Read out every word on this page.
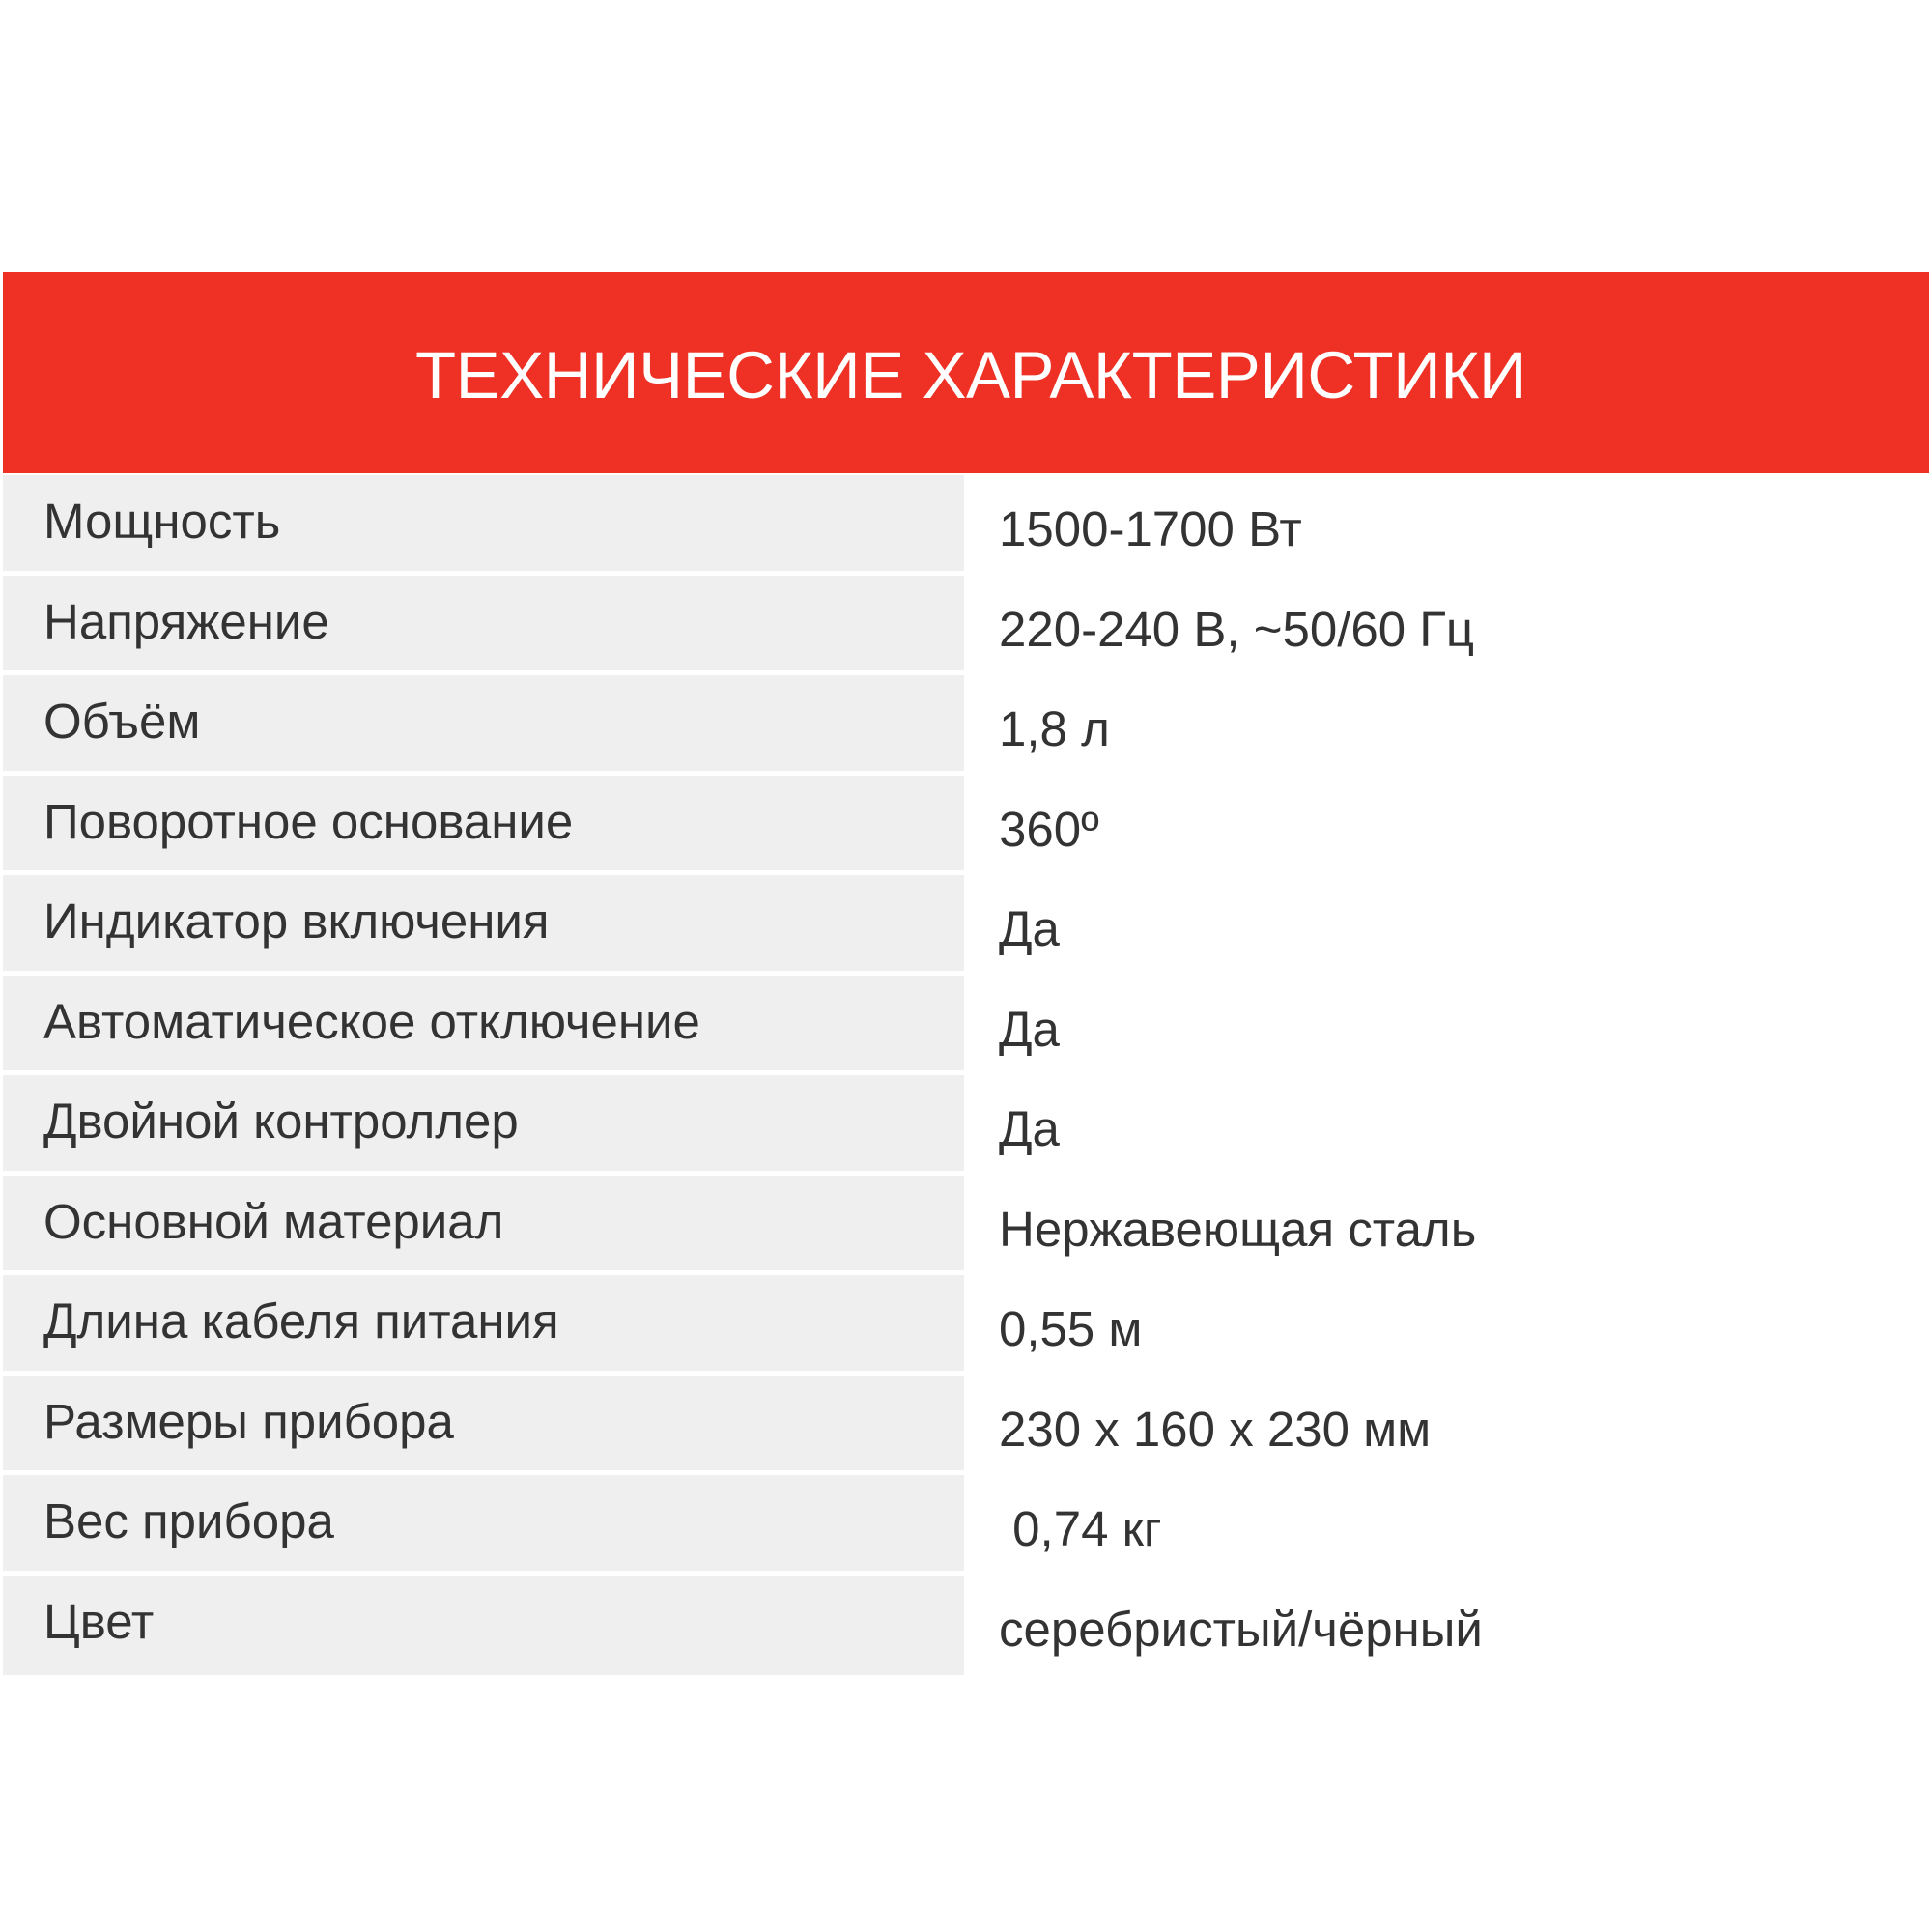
ТЕХНИЧЕСКИЕ ХАРАКТЕРИСТИКИ
Мощность	1500-1700 Вт
Напряжение	220-240 В, ~50/60 Гц
Объём	1,8 л
Поворотное основание	360º
Индикатор включения	Да
Автоматическое отключение	Да
Двойной контроллер	Да
Основной материал	Нержавеющая сталь
Длина кабеля питания	0,55 м
Размеры прибора	230 х 160 х 230 мм
Вес прибора	0,74 кг
Цвет	серебристый/чёрный
